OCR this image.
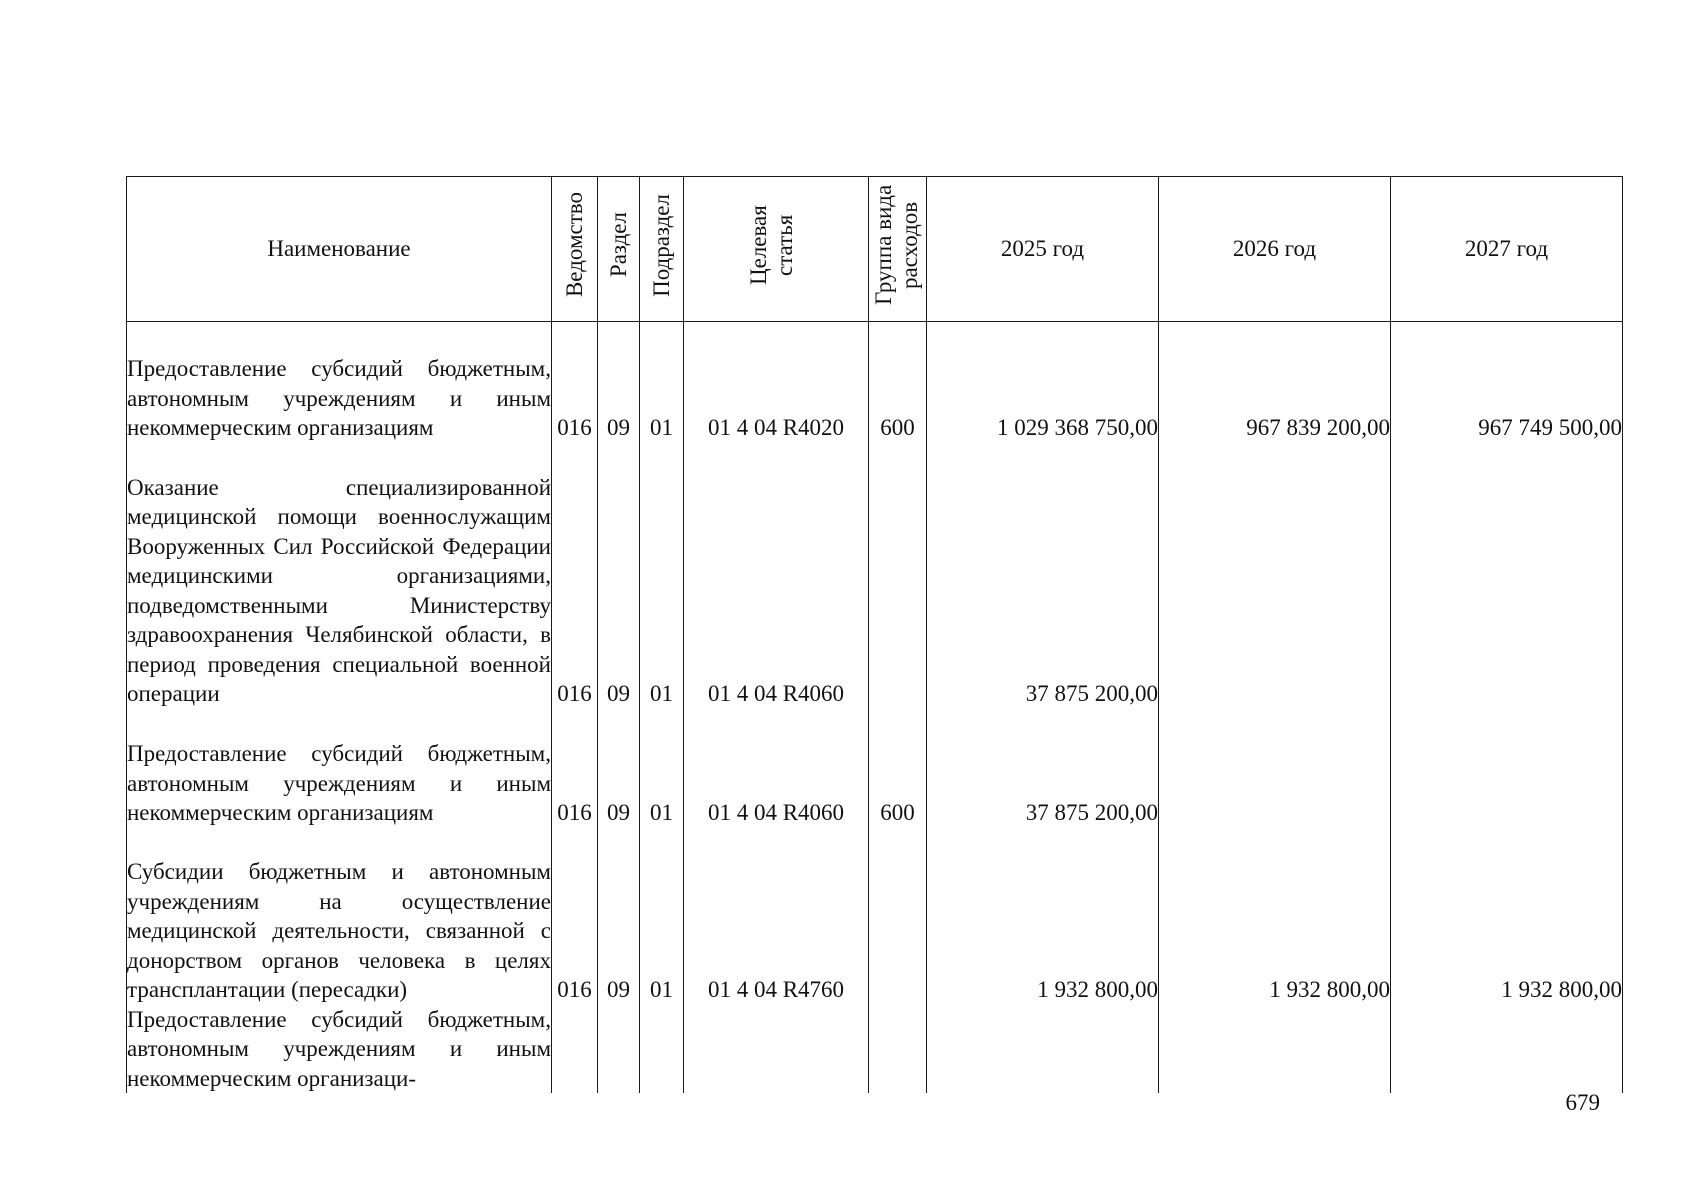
Наименование	Ведомство	Раздел	Подраздел	Целевая статья	Группа вида расходов	2025 год	2026 год	2027 год

Предоставление субсидий бюджетным, автономным учреждениям и иным некоммерческим организациям	016	09	01	01 4 04 R4020	600	1 029 368 750,00	967 839 200,00	967 749 500,00

Оказание специализированной медицинской помощи военнослужащим Вооруженных Сил Российской Федерации медицинскими организациями, подведомственными Министерству здравоохранения Челябинской области, в период проведения специальной военной операции	016	09	01	01 4 04 R4060		37 875 200,00		

Предоставление субсидий бюджетным, автономным учреждениям и иным некоммерческим организациям	016	09	01	01 4 04 R4060	600	37 875 200,00		

Субсидии бюджетным и автономным учреждениям на осуществление медицинской деятельности, связанной с донорством органов человека в целях трансплантации (пересадки)	016	09	01	01 4 04 R4760		1 932 800,00	1 932 800,00	1 932 800,00

Предоставление субсидий бюджетным, автономным учреждениям и иным некоммерческим организаци-								

679
